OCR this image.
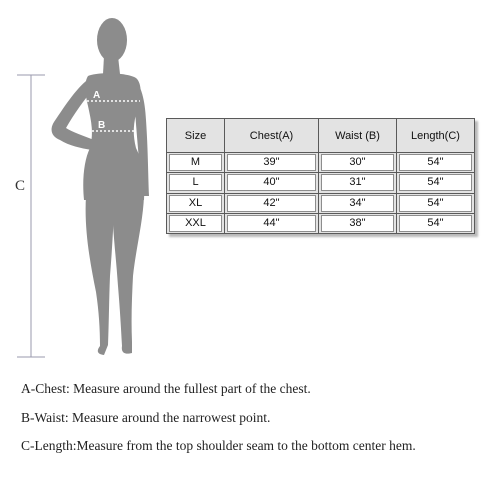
A
B
C
Size	Chest(A)	Waist (B)	Length(C)

M	39"	30"	54"

L	40"	31"	54"

XL	42"	34"	54"

XXL	44"	38"	54"
A-Chest: Measure around the fullest part of the chest.
B-Waist: Measure around the narrowest point.
C-Length:Measure from the top shoulder seam to the bottom center hem.
